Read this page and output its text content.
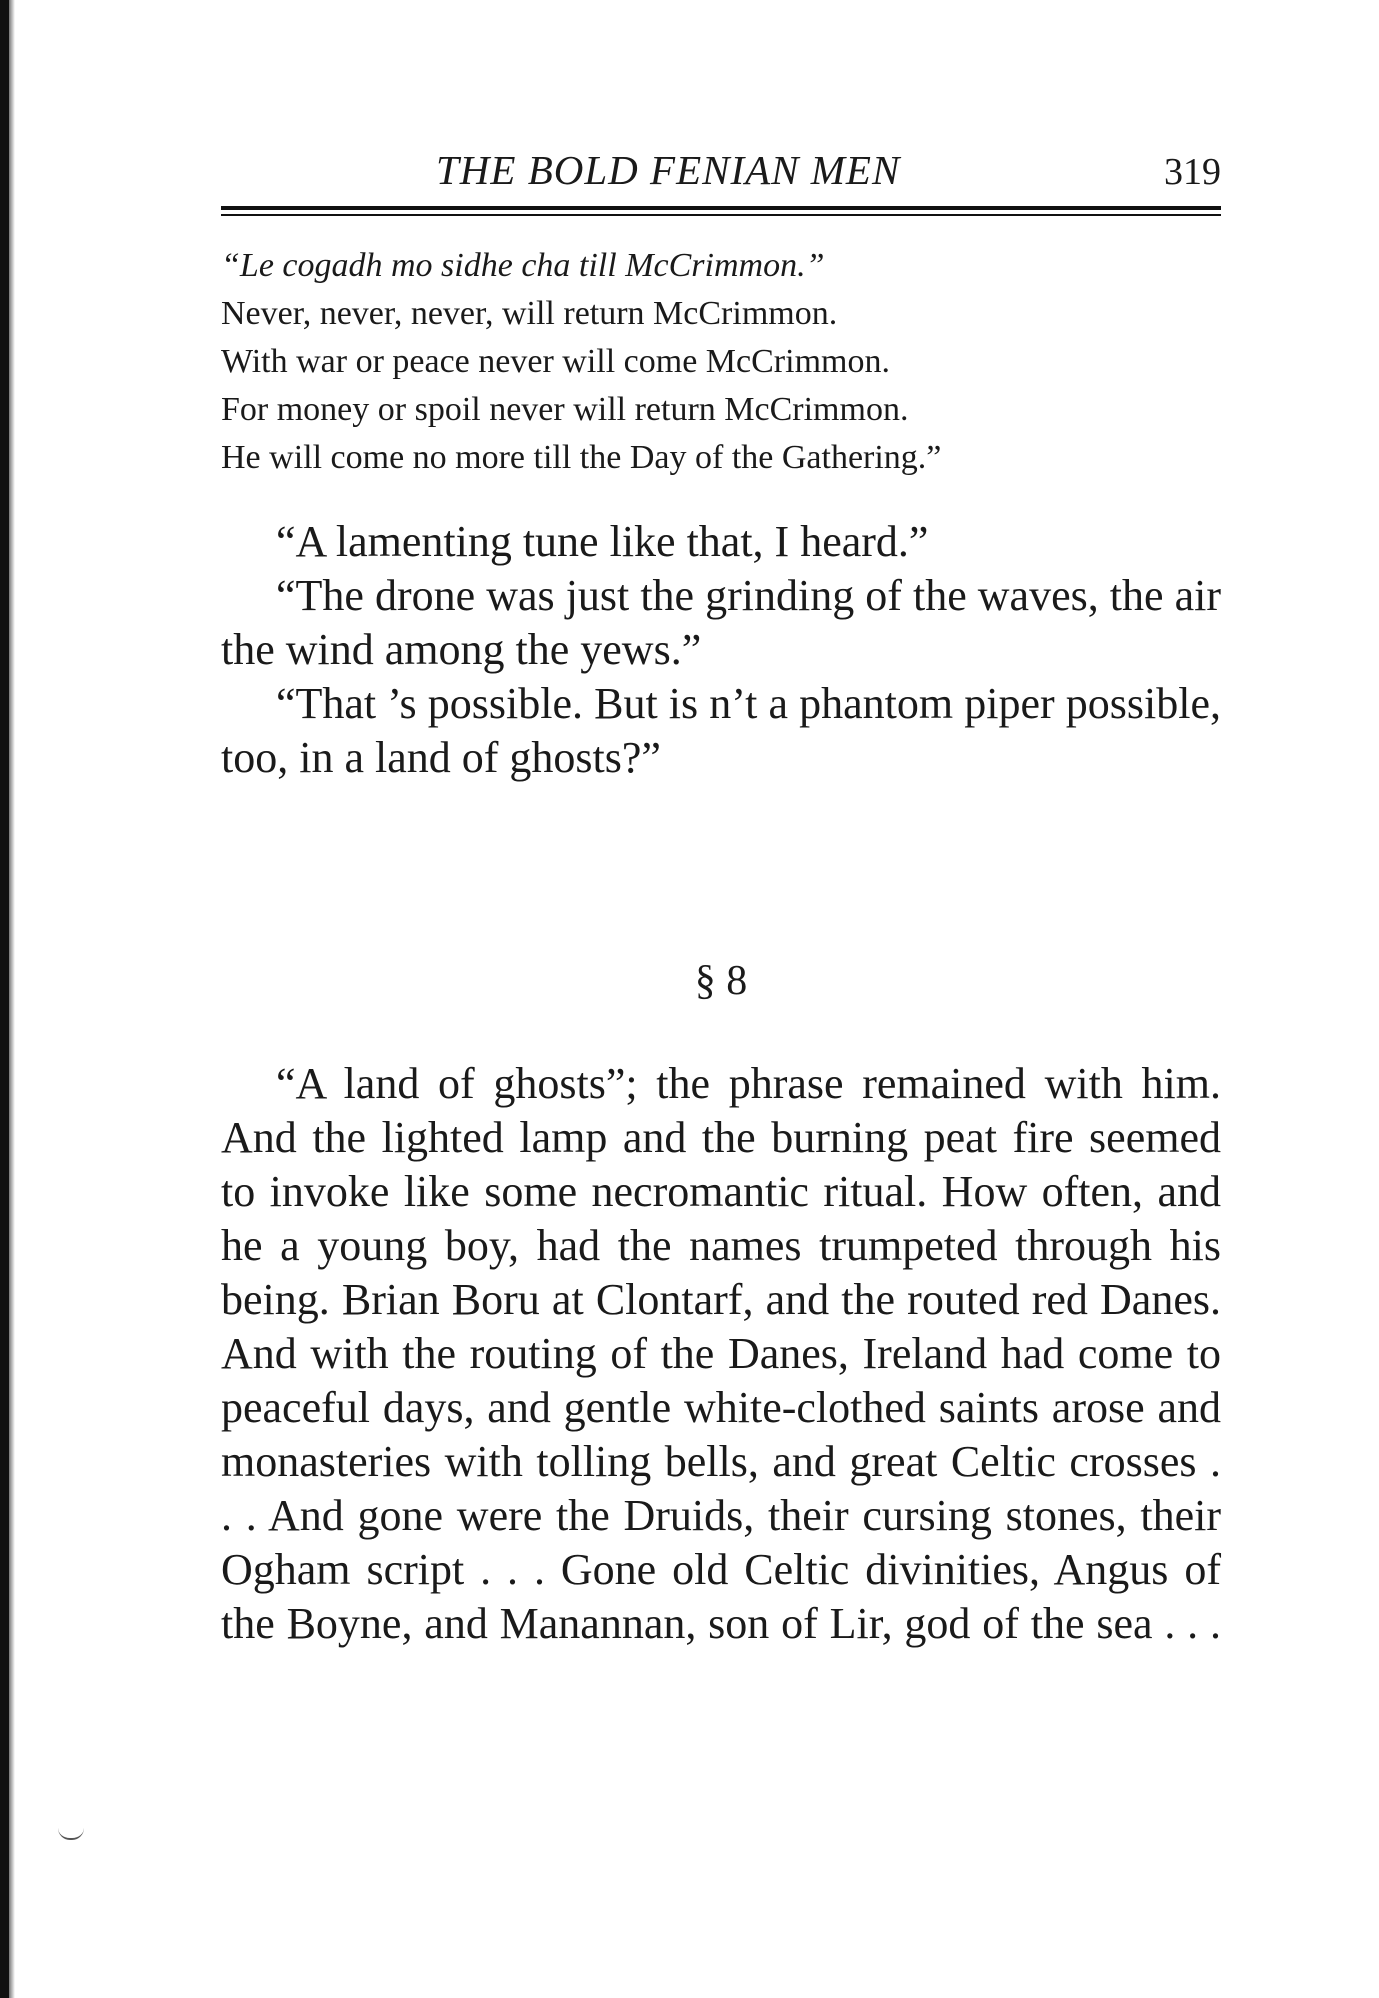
THE BOLD FENIAN MEN	319
“Le cogadh mo sidhe cha till McCrimmon.”
Never, never, never, will return McCrimmon.
With war or peace never will come McCrimmon.
For money or spoil never will return McCrimmon.
He will come no more till the Day of the Gathering.”

“A lamenting tune like that, I heard.”

“The drone was just the grinding of the waves, the air the wind among the yews.”

“That ’s possible. But is n’t a phantom piper possible, too, in a land of ghosts?”

§ 8

“A land of ghosts”; the phrase remained with him. And the lighted lamp and the burning peat fire seemed to invoke like some necromantic ritual. How often, and he a young boy, had the names trumpeted through his being. Brian Boru at Clontarf, and the routed red Danes. And with the routing of the Danes, Ireland had come to peaceful days, and gentle white-clothed saints arose and monasteries with tolling bells, and great Celtic crosses . . . And gone were the Druids, their cursing stones, their Ogham script . . . Gone old Celtic divinities, Angus of the Boyne, and Manannan, son of Lir, god of the sea . . .
